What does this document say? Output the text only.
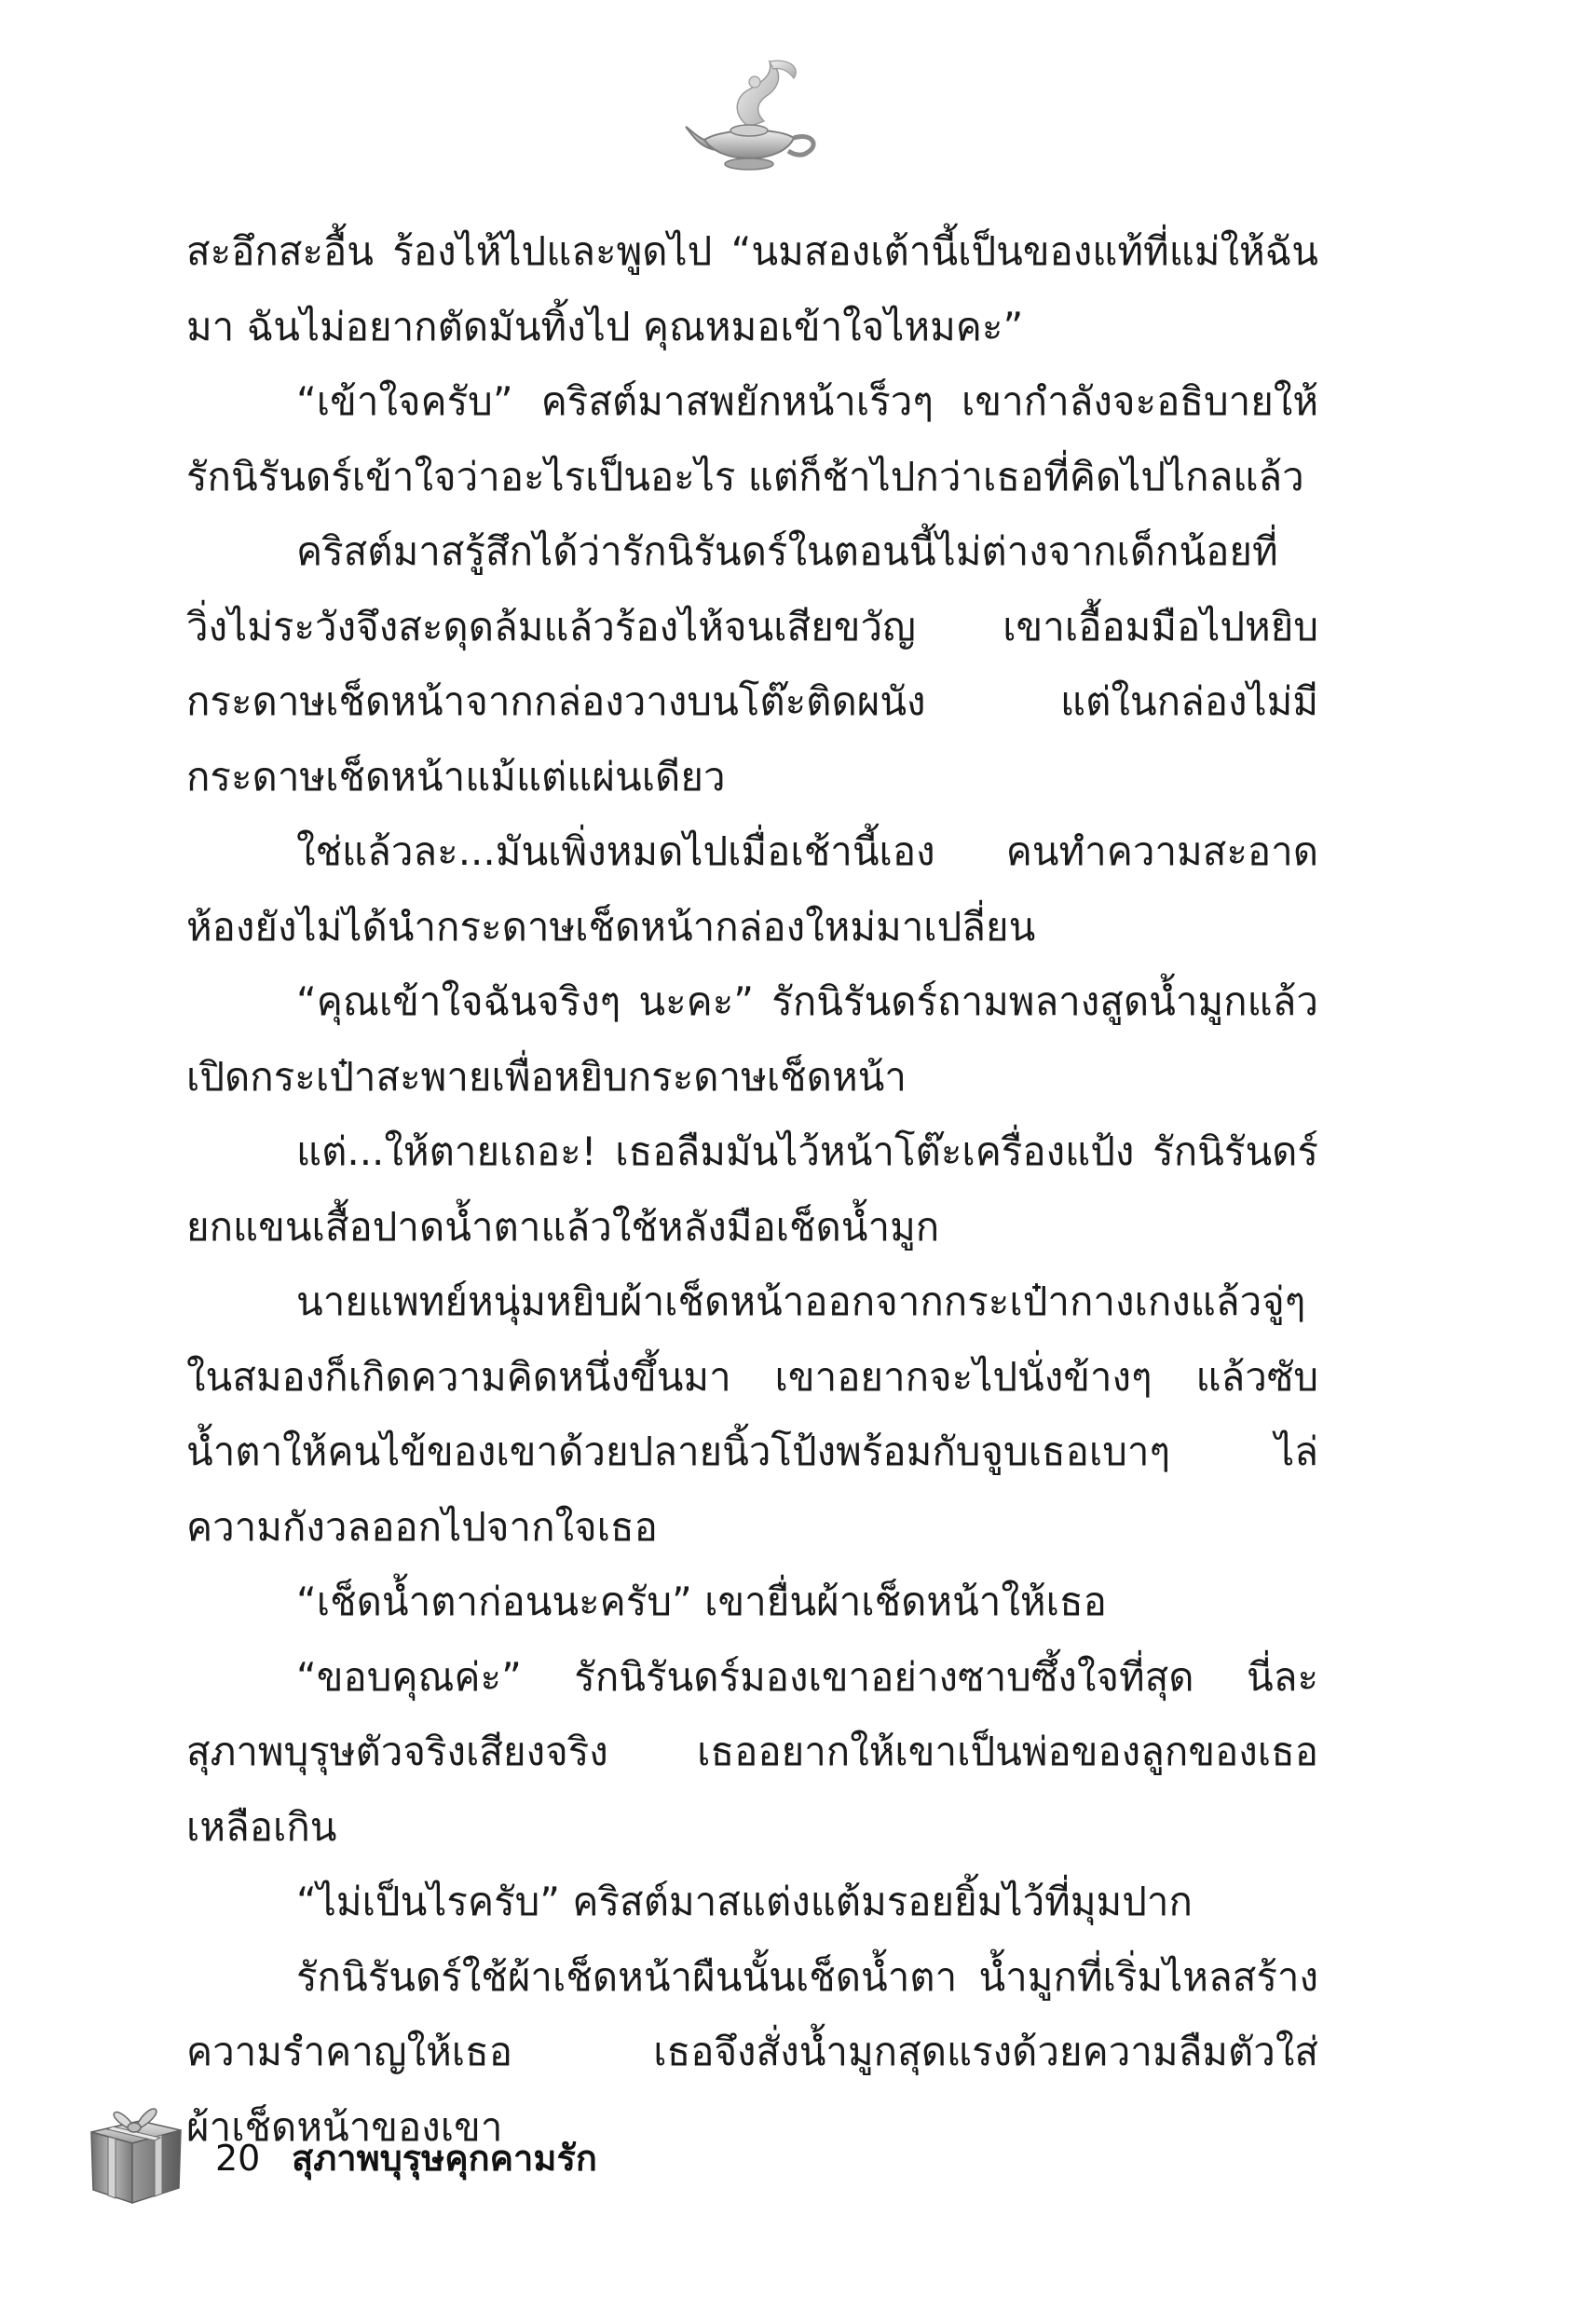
สะอึกสะอื้น ร้องไห้ไปและพูดไป “นมสองเต้านี้เป็นของแท้ที่แม่ให้ฉันมา ฉันไม่อยากตัดมันทิ้งไป คุณหมอเข้าใจไหมคะ”

“เข้าใจครับ” คริสต์มาสพยักหน้าเร็วๆ เขากำลังจะอธิบายให้รักนิรันดร์เข้าใจว่าอะไรเป็นอะไร แต่ก็ช้าไปกว่าเธอที่คิดไปไกลแล้ว

คริสต์มาสรู้สึกได้ว่ารักนิรันดร์ในตอนนี้ไม่ต่างจากเด็กน้อยที่วิ่งไม่ระวังจึงสะดุดล้มแล้วร้องไห้จนเสียขวัญ เขาเอื้อมมือไปหยิบกระดาษเช็ดหน้าจากกล่องวางบนโต๊ะติดผนัง แต่ในกล่องไม่มีกระดาษเช็ดหน้าแม้แต่แผ่นเดียว

ใช่แล้วละ...มันเพิ่งหมดไปเมื่อเช้านี้เอง คนทำความสะอาดห้องยังไม่ได้นำกระดาษเช็ดหน้ากล่องใหม่มาเปลี่ยน

“คุณเข้าใจฉันจริงๆ นะคะ” รักนิรันดร์ถามพลางสูดน้ำมูกแล้วเปิดกระเป๋าสะพายเพื่อหยิบกระดาษเช็ดหน้า

แต่...ให้ตายเถอะ! เธอลืมมันไว้หน้าโต๊ะเครื่องแป้ง รักนิรันดร์ยกแขนเสื้อปาดน้ำตาแล้วใช้หลังมือเช็ดน้ำมูก

นายแพทย์หนุ่มหยิบผ้าเช็ดหน้าออกจากกระเป๋ากางเกงแล้วจู่ๆ ในสมองก็เกิดความคิดหนึ่งขึ้นมา เขาอยากจะไปนั่งข้างๆ แล้วซับน้ำตาให้คนไข้ของเขาด้วยปลายนิ้วโป้งพร้อมกับจูบเธอเบาๆ ไล่ความกังวลออกไปจากใจเธอ

“เช็ดน้ำตาก่อนนะครับ” เขายื่นผ้าเช็ดหน้าให้เธอ

“ขอบคุณค่ะ” รักนิรันดร์มองเขาอย่างซาบซึ้งใจที่สุด นี่ละสุภาพบุรุษตัวจริงเสียงจริง เธออยากให้เขาเป็นพ่อของลูกของเธอเหลือเกิน

“ไม่เป็นไรครับ” คริสต์มาสแต่งแต้มรอยยิ้มไว้ที่มุมปาก

รักนิรันดร์ใช้ผ้าเช็ดหน้าผืนนั้นเช็ดน้ำตา น้ำมูกที่เริ่มไหลสร้างความรำคาญให้เธอ เธอจึงสั่งน้ำมูกสุดแรงด้วยความลืมตัวใส่ผ้าเช็ดหน้าของเขา

20 สุภาพบุรุษคุกคามรัก
